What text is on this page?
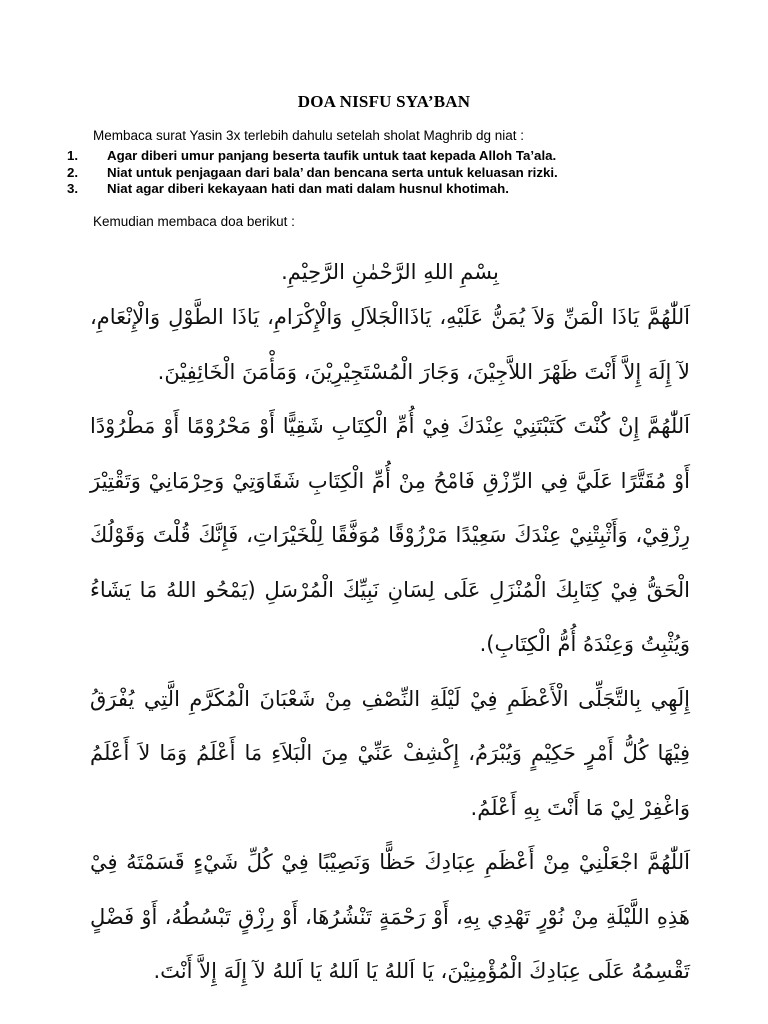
DOA NISFU SYA’BAN
Membaca surat Yasin 3x terlebih dahulu setelah sholat Maghrib dg niat :
1. Agar diberi umur panjang beserta taufik untuk taat kepada Alloh Ta’ala.
2. Niat untuk penjagaan dari bala’ dan bencana serta untuk keluasan rizki.
3. Niat agar diberi kekayaan hati dan mati dalam husnul khotimah.
Kemudian membaca doa berikut :
بِسْمِ اللهِ الرَّحْمٰنِ الرَّحِيْمِ.

اَللّٰهُمَّ يَاذَا الْمَنِّ وَلاَ يُمَنُّ عَلَيْهِ، يَاذَاالْجَلاَلِ وَالْإِكْرَامِ، يَاذَا الطَّوْلِ وَالْإِنْعَامِ، لآ إِلَهَ إِلاَّ أَنْتَ ظَهْرَ اللاَّجِيْنَ، وَجَارَ الْمُسْتَجِيْرِيْنَ، وَمَأْمَنَ الْخَائِفِيْنَ.

اَللّٰهُمَّ إِنْ كُنْتَ كَتَبْتَنِيْ عِنْدَكَ فِيْ أُمِّ الْكِتَابِ شَقِيًّا أَوْ مَحْرُوْمًا أَوْ مَطْرُوْدًا أَوْ مُقَتَّرًا عَلَيَّ فِي الرِّزْقِ فَامْحُ مِنْ أُمِّ الْكِتَابِ شَقَاوَتِيْ وَحِرْمَانِيْ وَتَقْتِيْرَ رِزْقِيْ، وَأَثْبِتْنِيْ عِنْدَكَ سَعِيْدًا مَرْزُوْقًا مُوَفَّقًا لِلْخَيْرَاتِ، فَإِنَّكَ قُلْتَ وَقَوْلُكَ الْحَقُّ فِيْ كِتَابِكَ الْمُنْزَلِ عَلَى لِسَانِ نَبِيِّكَ الْمُرْسَلِ (يَمْحُو اللهُ مَا يَشَاءُ وَيُثْبِتُ وَعِنْدَهُ أُمُّ الْكِتَابِ).

إِلَهِي بِالتَّجَلِّى الْأَعْظَمِ فِيْ لَيْلَةِ النِّصْفِ مِنْ شَعْبَانَ الْمُكَرَّمِ الَّتِي يُفْرَقُ فِيْهَا كُلُّ أَمْرٍ حَكِيْمٍ وَيُبْرَمُ، إِكْشِفْ عَنِّيْ مِنَ الْبَلاَءِ مَا أَعْلَمُ وَمَا لاَ أَعْلَمُ وَاغْفِرْ لِيْ مَا أَنْتَ بِهِ أَعْلَمُ.

اَللّٰهُمَّ اجْعَلْنِيْ مِنْ أَعْظَمِ عِبَادِكَ حَظًّا وَنَصِيْبًا فِيْ كُلِّ شَيْءٍ قَسَمْتَهُ فِيْ هَذِهِ اللَّيْلَةِ مِنْ نُوْرٍ تَهْدِي بِهِ، أَوْ رَحْمَةٍ تَنْشُرُهَا، أَوْ رِزْقٍ تَبْسُطُهُ، أَوْ فَضْلٍ تَقْسِمُهُ عَلَى عِبَادِكَ الْمُؤْمِنِيْنَ، يَا اَللهُ يَا اَللهُ يَا اَللهُ لآ إِلَهَ إِلاَّ أَنْتَ.
